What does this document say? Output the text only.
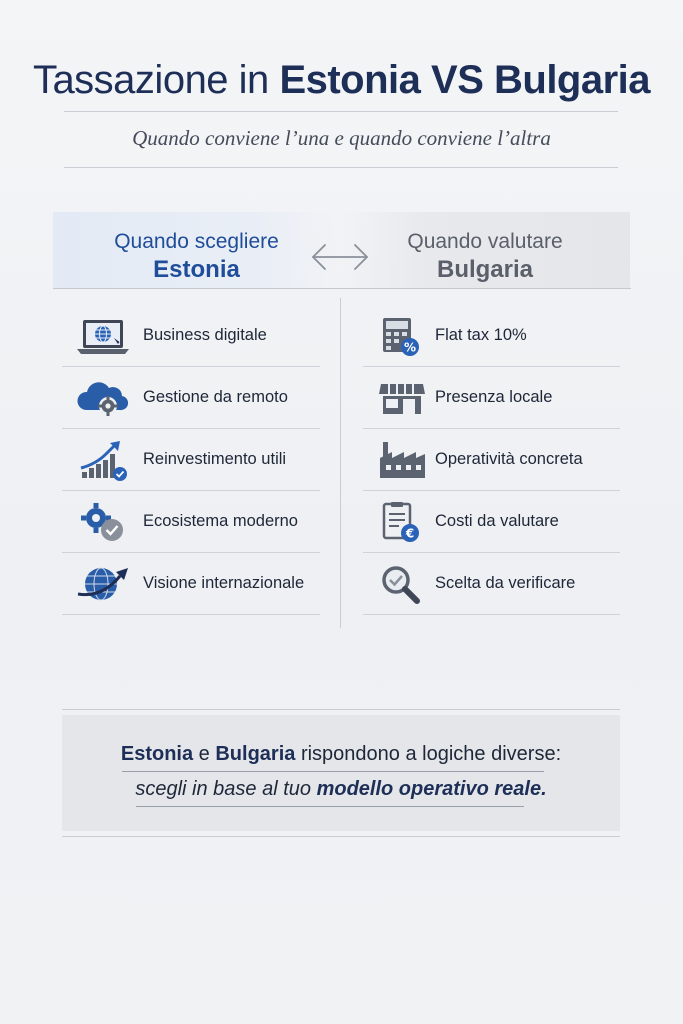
Tassazione in Estonia VS Bulgaria
Quando conviene l’una e quando conviene l’altra
Quando scegliere
Estonia
Quando valutare
Bulgaria
Business digitale
Gestione da remoto
Reinvestimento utili
Ecosistema moderno
Visione internazionale
%
Flat tax 10%
Presenza locale
Operatività concreta
€
Costi da valutare
Scelta da verificare
Estonia e Bulgaria rispondono a logiche diverse:
scegli in base al tuo modello operativo reale.
